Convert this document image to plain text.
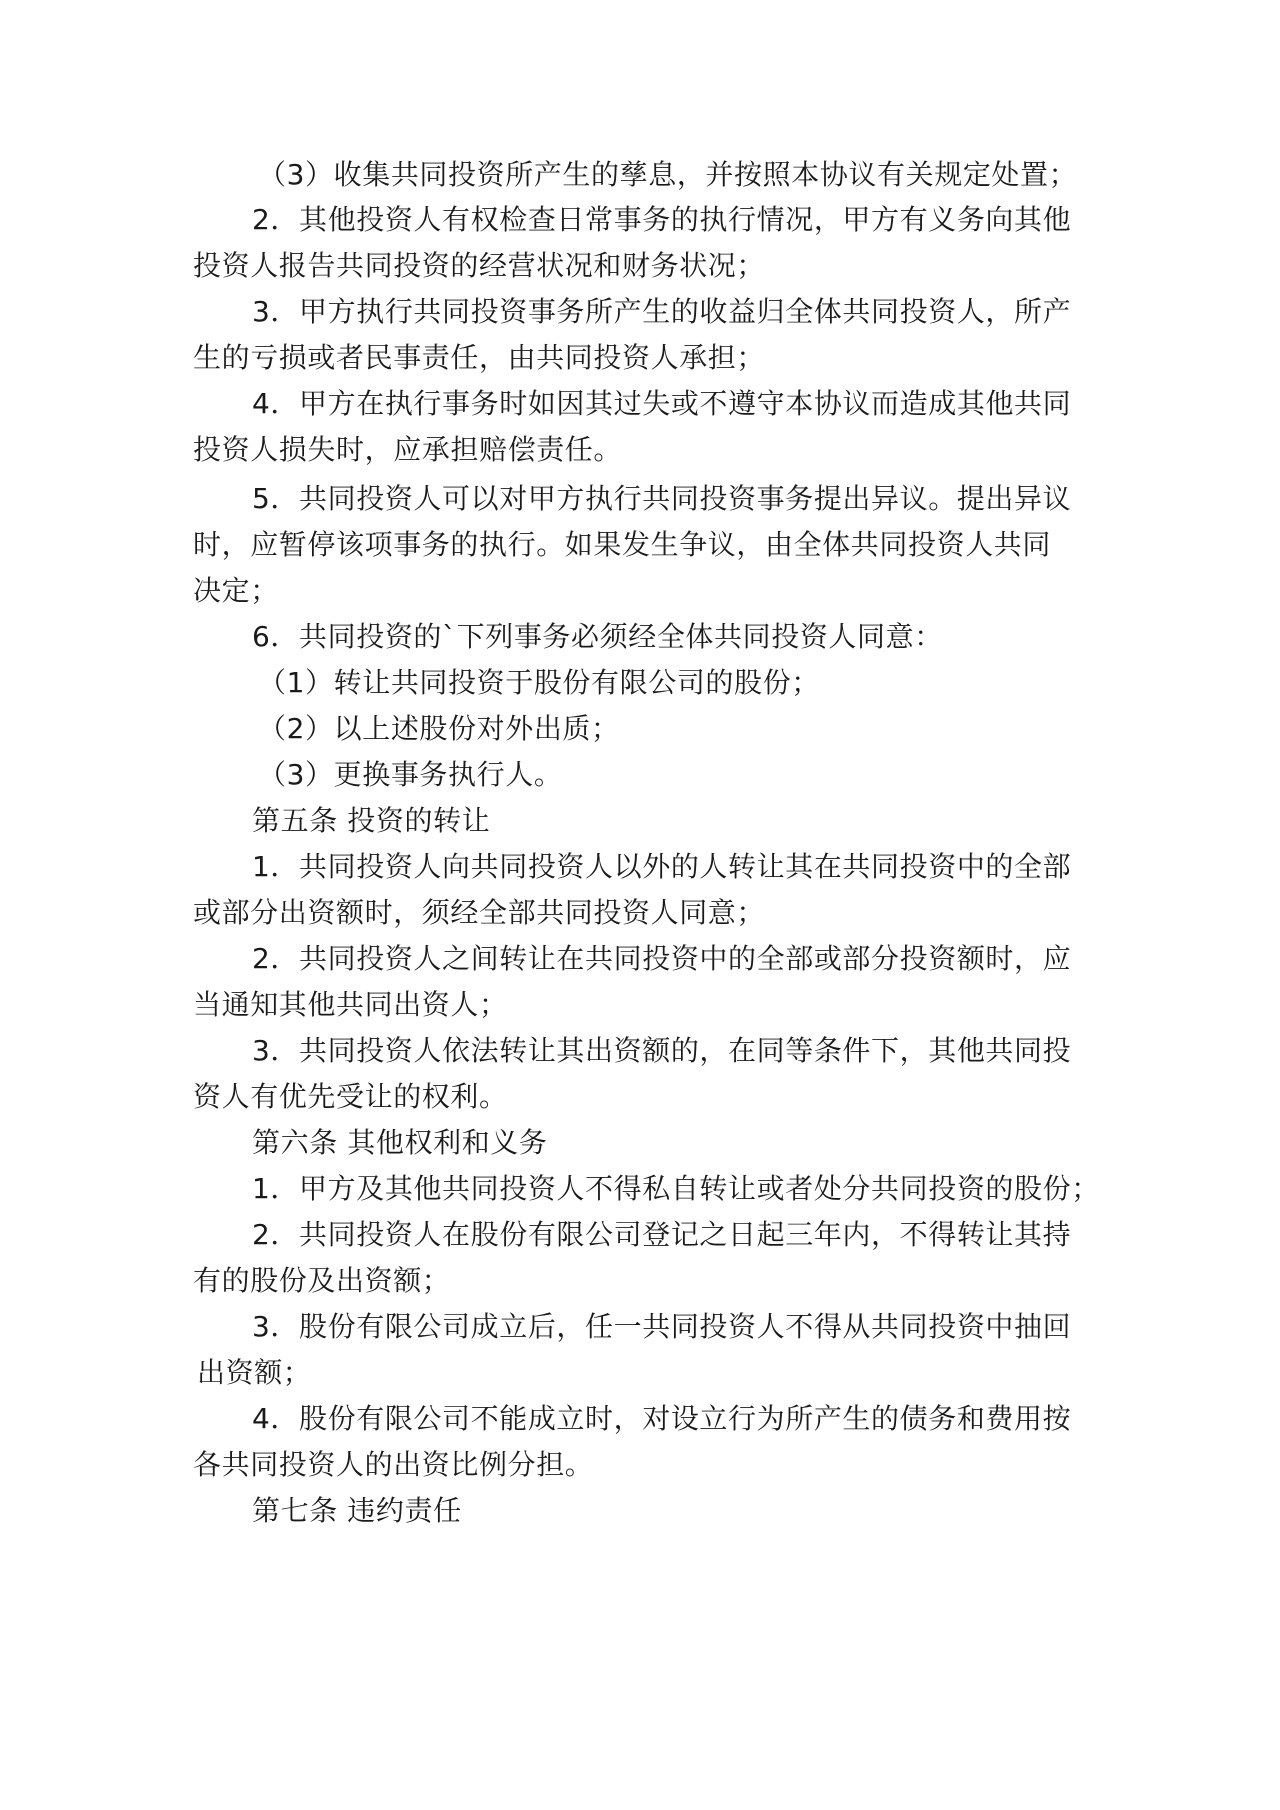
（3）收集共同投资所产生的孳息，并按照本协议有关规定处置；
2．其他投资人有权检查日常事务的执行情况，甲方有义务向其他
投资人报告共同投资的经营状况和财务状况；
3．甲方执行共同投资事务所产生的收益归全体共同投资人，所产
生的亏损或者民事责任，由共同投资人承担；
4．甲方在执行事务时如因其过失或不遵守本协议而造成其他共同
投资人损失时，应承担赔偿责任。
5．共同投资人可以对甲方执行共同投资事务提出异议。提出异议
时，应暂停该项事务的执行。如果发生争议，由全体共同投资人共同
决定；
6．共同投资的`下列事务必须经全体共同投资人同意：
（1）转让共同投资于股份有限公司的股份；
（2）以上述股份对外出质；
（3）更换事务执行人。
第五条 投资的转让
1．共同投资人向共同投资人以外的人转让其在共同投资中的全部
或部分出资额时，须经全部共同投资人同意；
2．共同投资人之间转让在共同投资中的全部或部分投资额时，应
当通知其他共同出资人；
3．共同投资人依法转让其出资额的，在同等条件下，其他共同投
资人有优先受让的权利。
第六条 其他权利和义务
1．甲方及其他共同投资人不得私自转让或者处分共同投资的股份；
2．共同投资人在股份有限公司登记之日起三年内，不得转让其持
有的股份及出资额；
3．股份有限公司成立后，任一共同投资人不得从共同投资中抽回
出资额；
4．股份有限公司不能成立时，对设立行为所产生的债务和费用按
各共同投资人的出资比例分担。
第七条 违约责任
